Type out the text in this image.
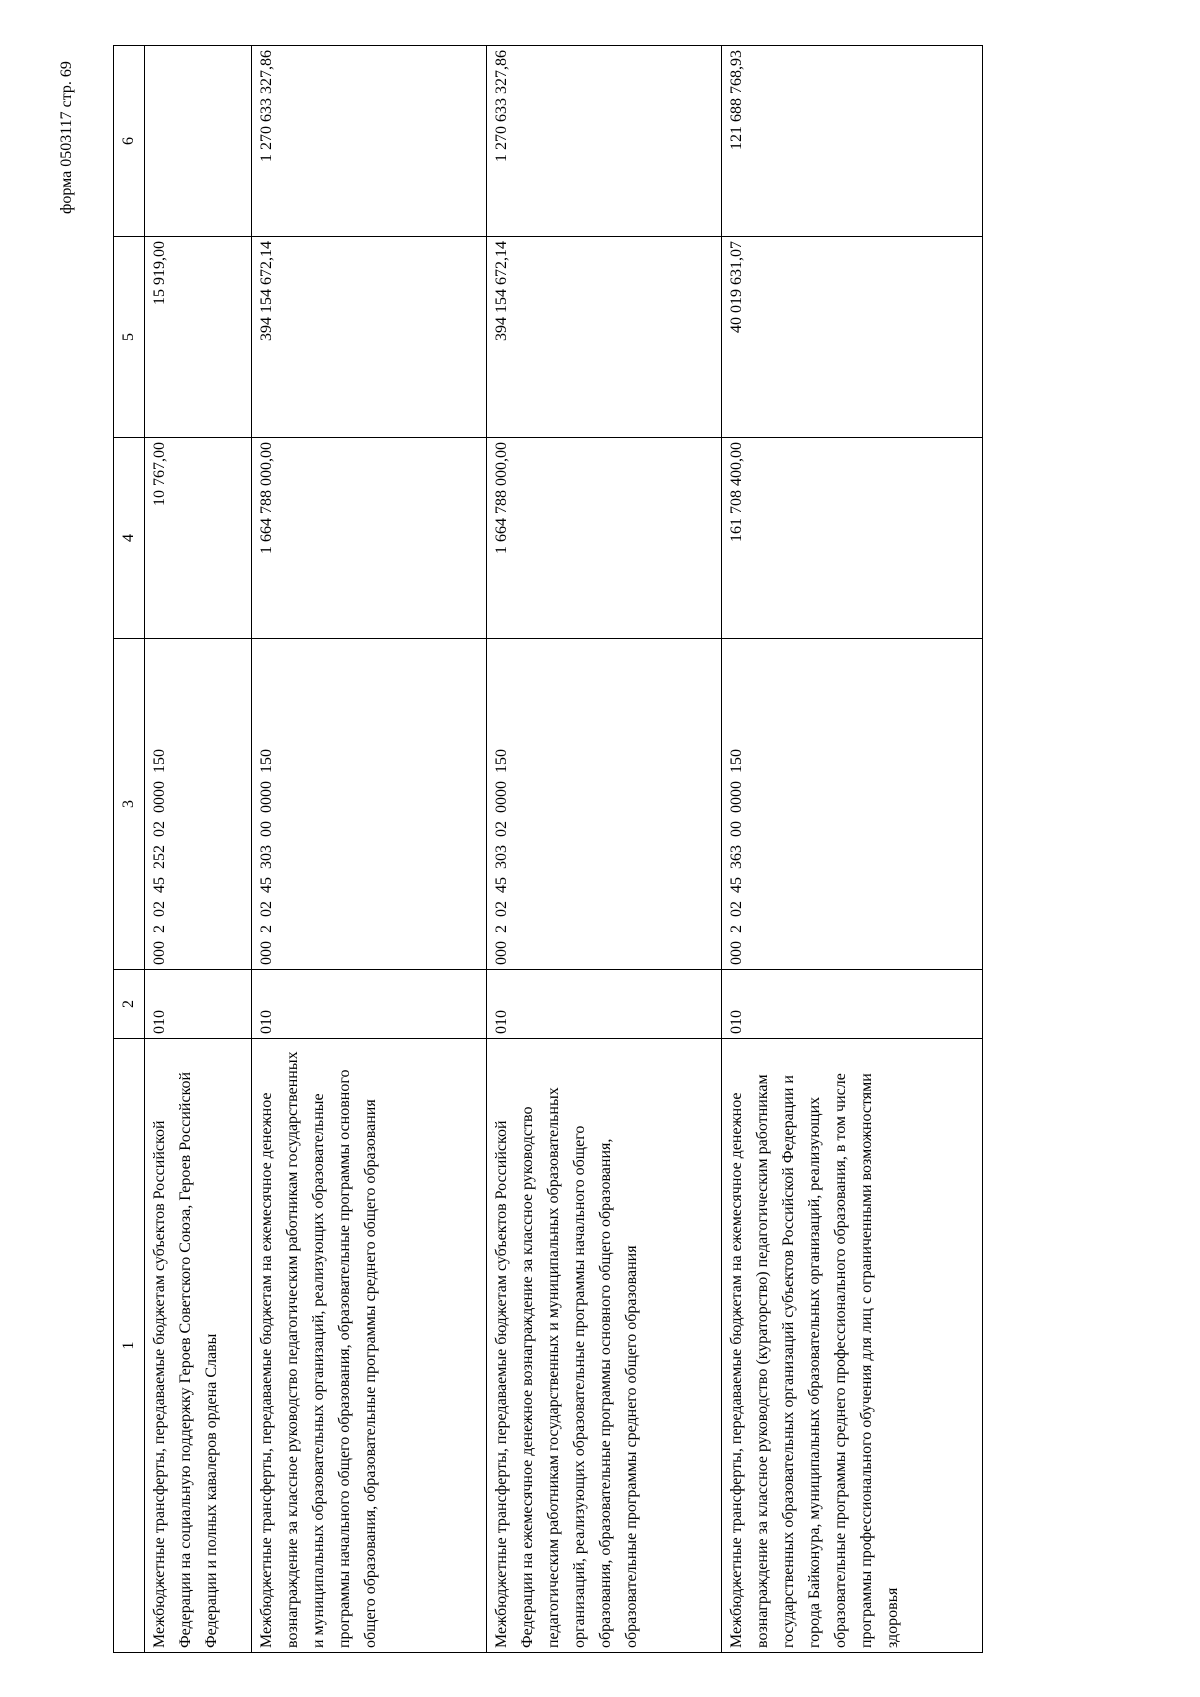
форма 0503117 стр. 69
1	2	3	4	5	6
Межбюджетные трансферты, передаваемые бюджетам субъектов Российской Федерации на социальную поддержку Героев Советского Союза, Героев Российской Федерации и полных кавалеров ордена Славы	010	000  2  02  45  252  02  0000  150	10 767,00	15 919,00	
Межбюджетные трансферты, передаваемые бюджетам на ежемесячное денежное вознаграждение за классное руководство педагогическим работникам государственных и муниципальных образовательных организаций, реализующих образовательные программы начального общего образования, образовательные программы основного общего образования, образовательные программы среднего общего образования	010	000  2  02  45  303  00  0000  150	1 664 788 000,00	394 154 672,14	1 270 633 327,86
Межбюджетные трансферты, передаваемые бюджетам субъектов Российской Федерации на ежемесячное денежное вознаграждение за классное руководство педагогическим работникам государственных и муниципальных образовательных организаций, реализующих образовательные программы начального общего образования, образовательные программы основного общего образования, образовательные программы среднего общего образования	010	000  2  02  45  303  02  0000  150	1 664 788 000,00	394 154 672,14	1 270 633 327,86
Межбюджетные трансферты, передаваемые бюджетам на ежемесячное денежное вознаграждение за классное руководство (кураторство) педагогическим работникам государственных образовательных организаций субъектов Российской Федерации и города Байконура, муниципальных образовательных организаций, реализующих образовательные программы среднего профессионального образования, в том числе программы профессионального обучения для лиц с ограниченными возможностями здоровья	010	000  2  02  45  363  00  0000  150	161 708 400,00	40 019 631,07	121 688 768,93
